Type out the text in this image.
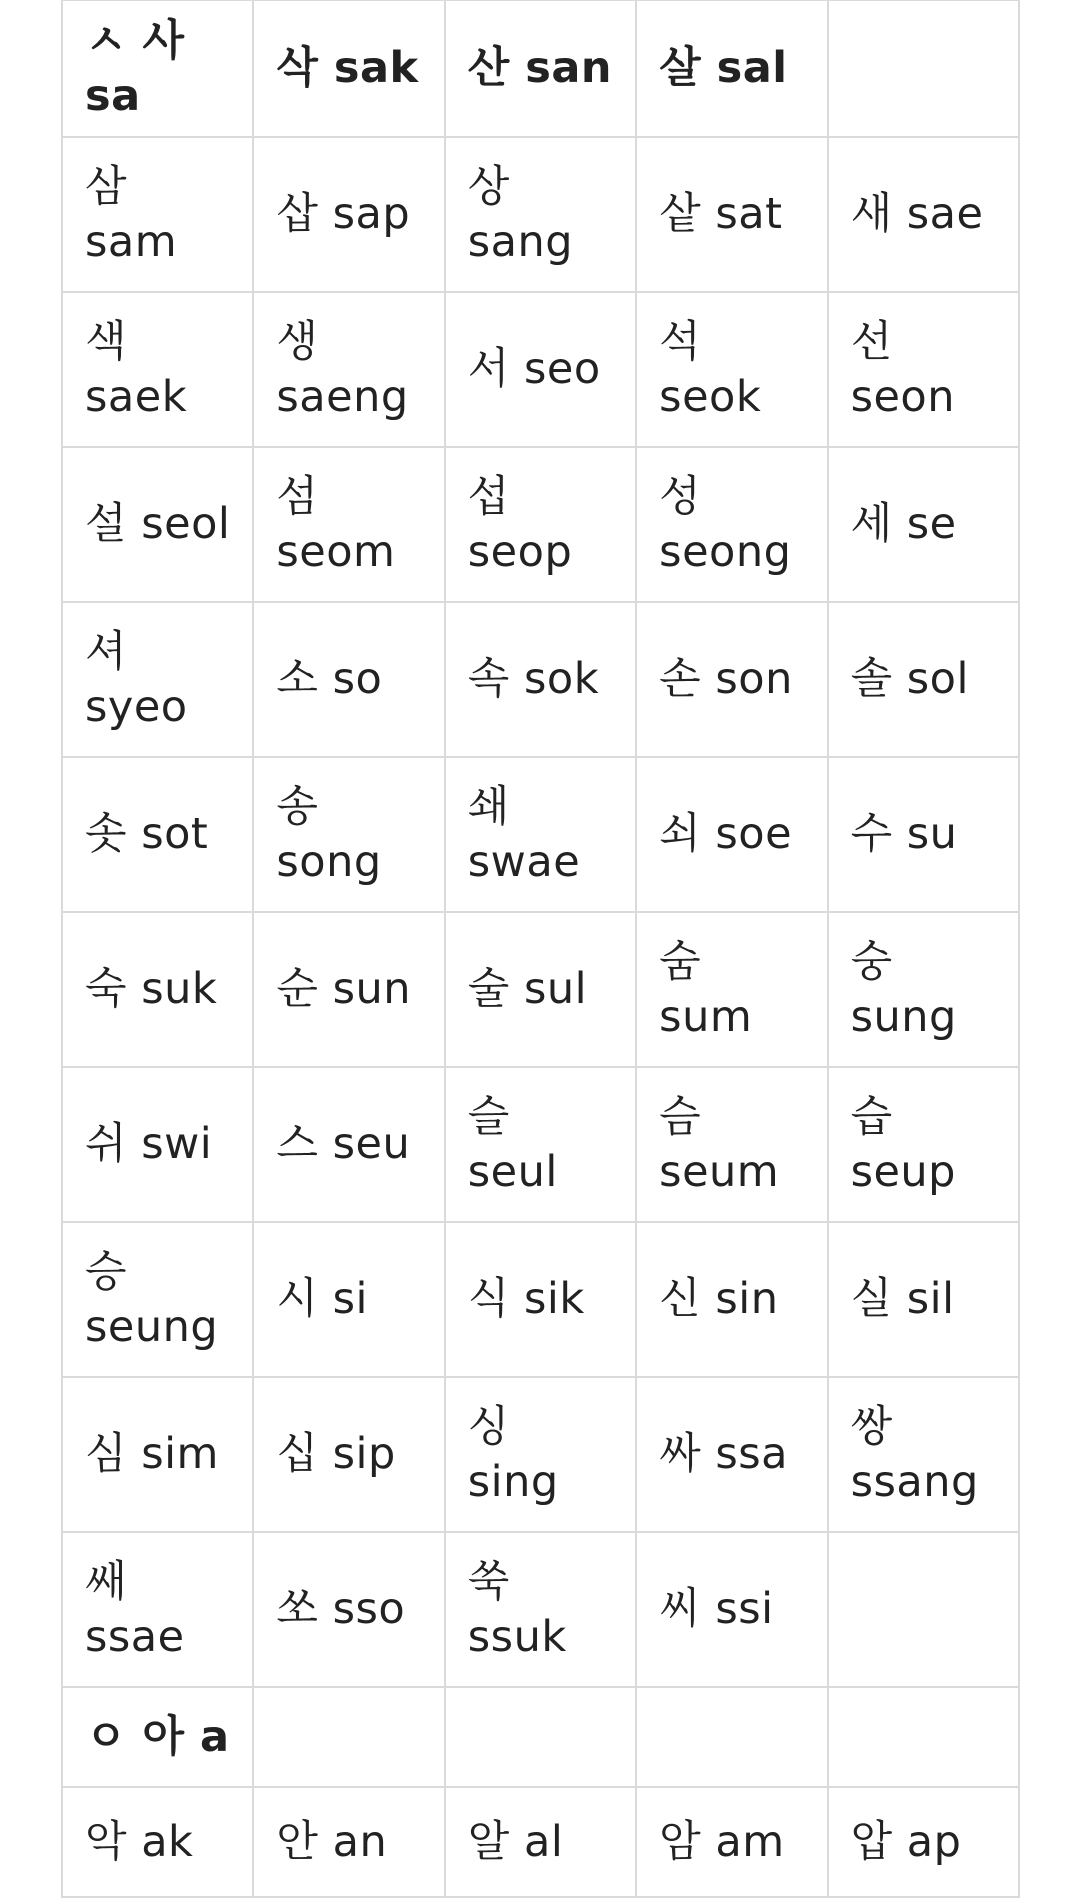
ㅅ 사 sa	삭 sak	산 san	살 sal	

삼 sam	삽 sap	상 sang	샅 sat	새 sae

색 saek	생 saeng	서 seo	석 seok	선 seon

설 seol	섬 seom	섭 seop	성 seong	세 se

셔 syeo	소 so	속 sok	손 son	솔 sol

솟 sot	송 song	쇄 swae	쇠 soe	수 su

숙 suk	순 sun	술 sul	숨 sum	숭 sung

쉬 swi	스 seu	슬 seul	슴 seum	습 seup

승 seung	시 si	식 sik	신 sin	실 sil

심 sim	십 sip	싱 sing	싸 ssa	쌍 ssang

쌔 ssae	쏘 sso	쑥 ssuk	씨 ssi	

ㅇ 아 a				

악 ak	안 an	알 al	암 am	압 ap
